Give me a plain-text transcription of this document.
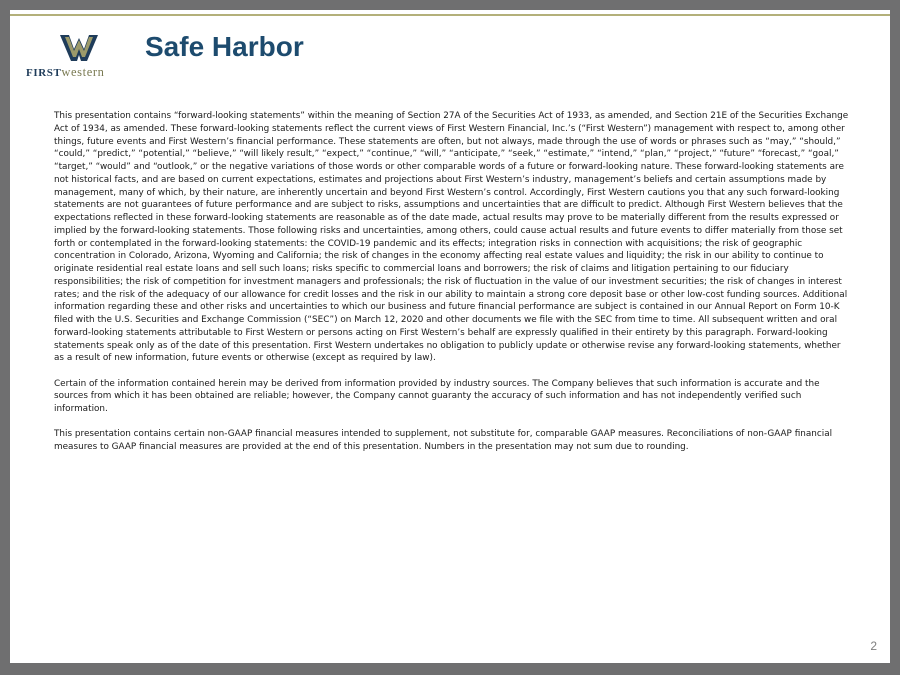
FIRSTwestern
Safe Harbor

This presentation contains “forward-looking statements” within the meaning of Section 27A of the Securities Act of 1933, as amended, and Section 21E of the Securities Exchange Act of 1934, as amended. These forward-looking statements reflect the current views of First Western Financial, Inc.’s (“First Western”) management with respect to, among other things, future events and First Western’s financial performance. These statements are often, but not always, made through the use of words or phrases such as “may,” “should,” “could,” “predict,” “potential,” “believe,” “will likely result,” “expect,” “continue,” “will,” “anticipate,” “seek,” “estimate,” “intend,” “plan,” “project,” “future” “forecast,” “goal,” “target,” “would” and “outlook,” or the negative variations of those words or other comparable words of a future or forward-looking nature. These forward-looking statements are not historical facts, and are based on current expectations, estimates and projections about First Western’s industry, management’s beliefs and certain assumptions made by management, many of which, by their nature, are inherently uncertain and beyond First Western’s control. Accordingly, First Western cautions you that any such forward-looking statements are not guarantees of future performance and are subject to risks, assumptions and uncertainties that are difficult to predict. Although First Western believes that the expectations reflected in these forward-looking statements are reasonable as of the date made, actual results may prove to be materially different from the results expressed or implied by the forward-looking statements. Those following risks and uncertainties, among others, could cause actual results and future events to differ materially from those set forth or contemplated in the forward-looking statements: the COVID-19 pandemic and its effects; integration risks in connection with acquisitions; the risk of geographic concentration in Colorado, Arizona, Wyoming and California; the risk of changes in the economy affecting real estate values and liquidity; the risk in our ability to continue to originate residential real estate loans and sell such loans; risks specific to commercial loans and borrowers; the risk of claims and litigation pertaining to our fiduciary responsibilities; the risk of competition for investment managers and professionals; the risk of fluctuation in the value of our investment securities; the risk of changes in interest rates; and the risk of the adequacy of our allowance for credit losses and the risk in our ability to maintain a strong core deposit base or other low-cost funding sources. Additional information regarding these and other risks and uncertainties to which our business and future financial performance are subject is contained in our Annual Report on Form 10-K filed with the U.S. Securities and Exchange Commission (“SEC”) on March 12, 2020 and other documents we file with the SEC from time to time. All subsequent written and oral forward-looking statements attributable to First Western or persons acting on First Western’s behalf are expressly qualified in their entirety by this paragraph. Forward-looking statements speak only as of the date of this presentation. First Western undertakes no obligation to publicly update or otherwise revise any forward-looking statements, whether as a result of new information, future events or otherwise (except as required by law).

Certain of the information contained herein may be derived from information provided by industry sources. The Company believes that such information is accurate and the sources from which it has been obtained are reliable; however, the Company cannot guaranty the accuracy of such information and has not independently verified such information.

This presentation contains certain non-GAAP financial measures intended to supplement, not substitute for, comparable GAAP measures. Reconciliations of non-GAAP financial measures to GAAP financial measures are provided at the end of this presentation. Numbers in the presentation may not sum due to rounding.

2
